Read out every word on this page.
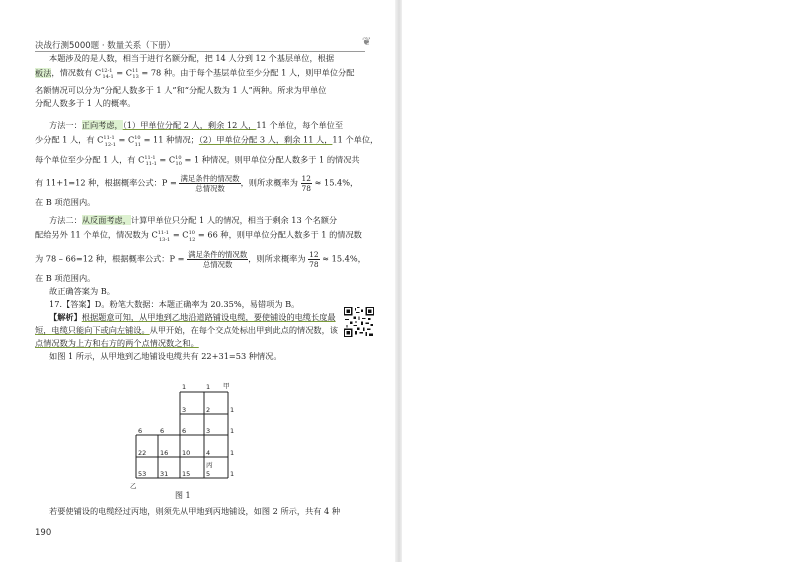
决战行测5000题 · 数量关系（下册）	❦

本题涉及的是人数，相当于进行名额分配，把 14 人分到 12 个基层单位，根据

板法，情况数有 $C^{12-1}_{14-1} = C^{11}_{13} = 78$ 种。由于每个基层单位至少分配 1 人，则甲单位分配

名额情况可以分为“分配人数多于 1 人”和“分配人数为 1 人”两种。所求为甲单位

分配人数多于 1 人的概率。

方法一：正向考虑，（1）甲单位分配 2 人，剩余 12 人，11 个单位，每个单位至

少分配 1 人，有 $C^{11-1}_{12-1} = C^{10}_{11} = 11$ 种情况；（2）甲单位分配 3 人，剩余 11 人，11 个单位，

每个单位至少分配 1 人，有 $C^{11-1}_{11-1} = C^{10}_{10} = 1$ 种情况。则甲单位分配人数多于 1 的情况共

有 11+1=12 种，根据概率公式：$P = \frac{\text{满足条件的情况数}}{\text{总情况数}}$ ，则所求概率为 $\frac{12}{78} \approx 15.4\%$，

在 B 项范围内。

方法二：从反面考虑，计算甲单位只分配 1 人的情况，相当于剩余 13 个名额分

配给另外 11 个单位，情况数为 $C^{11-1}_{13-1} = C^{10}_{12} = 66$ 种，则甲单位分配人数多于 1 的情况数

为 78 – 66=12 种，根据概率公式：$P = \frac{\text{满足条件的情况数}}{\text{总情况数}}$ ，则所求概率为 $\frac{12}{78} \approx 15.4\%$，

在 B 项范围内。

故正确答案为 B。

17.【答案】D。粉笔大数据：本题正确率为 20.35%，易错项为 B。

【解析】根据题意可知，从甲地到乙地沿道路铺设电缆，要使铺设的电缆长度最

短，电缆只能向下或向左铺设。从甲开始，在每个交点处标出甲到此点的情况数，该

点情况数为上方和右方的两个点情况数之和。

如图 1 所示，从甲地到乙地铺设电缆共有 22+31=53 种情况。

1	1 甲
3	2	1
6	6	6	3	1
22 16 10 4	1
丙
53 31 15 5	1
乙
图 1

若要使铺设的电缆经过丙地，则须先从甲地到丙地铺设，如图 2 所示，共有 4 种

190
